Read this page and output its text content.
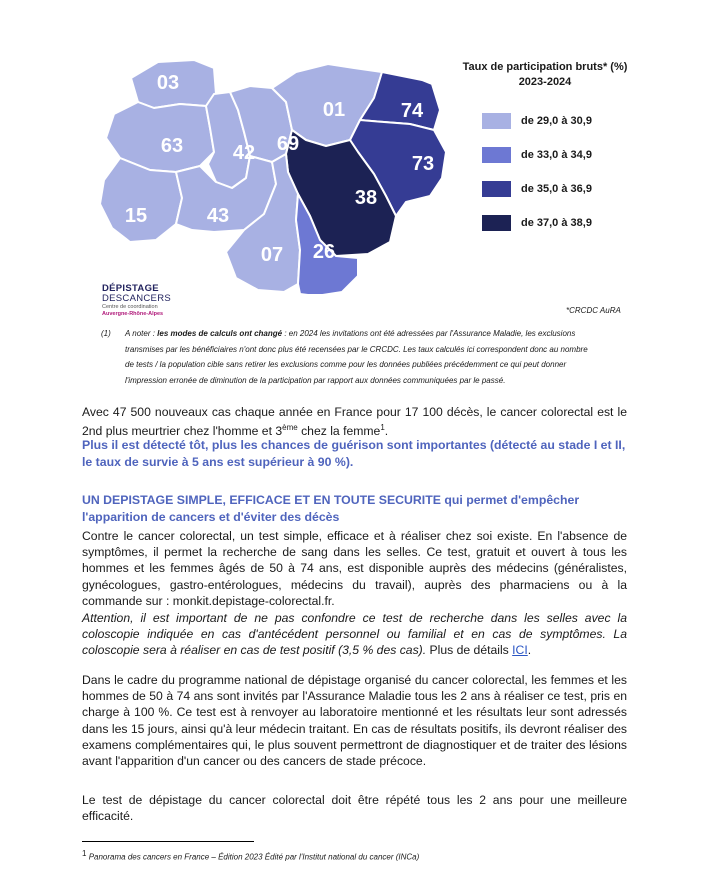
03
63 42 69
01	74
73
38
15	43
07 26
Taux de participation bruts* (%)
2023-2024
de 29,0 à 30,9
de 33,0 à 34,9
de 35,0 à 36,9
de 37,0 à 38,9
DÉPISTAGE
DESCANCERS
Centre de coordination
Auvergne-Rhône-Alpes	*CRCDC AuRA
(1) A noter : les modes de calculs ont changé : en 2024 les invitations ont été adressées par l'Assurance Maladie, les exclusions
transmises par les bénéficiaires n'ont donc plus été recensées par le CRCDC. Les taux calculés ici correspondent donc au nombre
de tests / la population cible sans retirer les exclusions comme pour les données publiées précédemment ce qui peut donner
l'impression erronée de diminution de la participation par rapport aux données communiquées par le passé.
Avec 47 500 nouveaux cas chaque année en France pour 17 100 décès, le cancer colorectal est le 2nd plus meurtrier chez l'homme et 3ème chez la femme$^1$.
Plus il est détecté tôt, plus les chances de guérison sont importantes (détecté au stade I et II, le taux de survie à 5 ans est supérieur à 90 %).
UN DEPISTAGE SIMPLE, EFFICACE ET EN TOUTE SECURITE qui permet d'empêcher l'apparition de cancers et d'éviter des décès
Contre le cancer colorectal, un test simple, efficace et à réaliser chez soi existe. En l'absence de symptômes, il permet la recherche de sang dans les selles. Ce test, gratuit et ouvert à tous les hommes et les femmes âgés de 50 à 74 ans, est disponible auprès des médecins (généralistes, gynécologues, gastro-entérologues, médecins du travail), auprès des pharmaciens ou à la commande sur : monkit.depistage-colorectal.fr.
Attention, il est important de ne pas confondre ce test de recherche dans les selles avec la coloscopie indiquée en cas d'antécédent personnel ou familial et en cas de symptômes. La coloscopie sera à réaliser en cas de test positif (3,5 % des cas). Plus de détails ICI.
Dans le cadre du programme national de dépistage organisé du cancer colorectal, les femmes et les hommes de 50 à 74 ans sont invités par l'Assurance Maladie tous les 2 ans à réaliser ce test, pris en charge à 100 %. Ce test est à renvoyer au laboratoire mentionné et les résultats leur sont adressés dans les 15 jours, ainsi qu'à leur médecin traitant. En cas de résultats positifs, ils devront réaliser des examens complémentaires qui, le plus souvent permettront de diagnostiquer et de traiter des lésions avant l'apparition d'un cancer ou des cancers de stade précoce.
Le test de dépistage du cancer colorectal doit être répété tous les 2 ans pour une meilleure efficacité.
$^1$ Panorama des cancers en France – Édition 2023 Édité par l'Institut national du cancer (INCa)
